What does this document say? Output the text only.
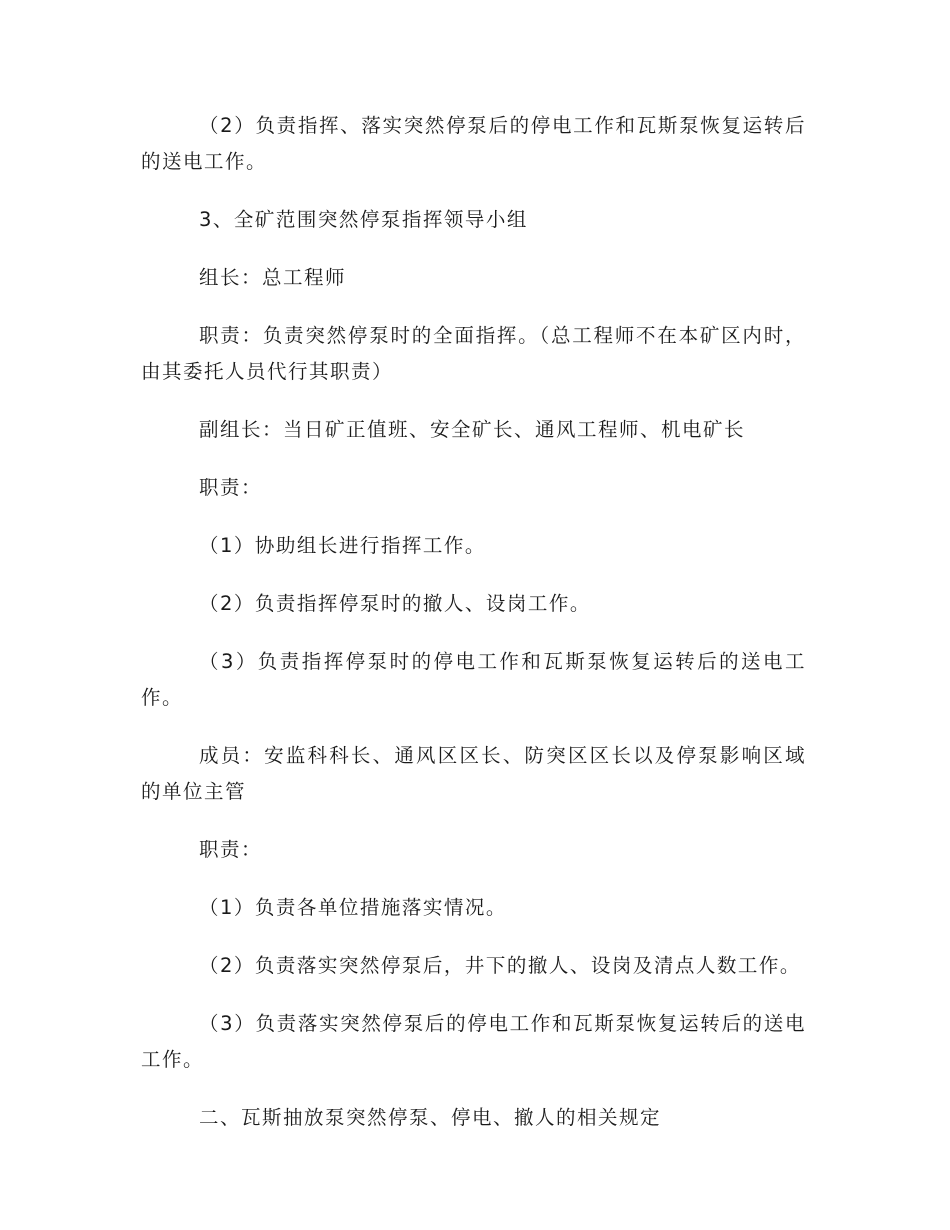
（2）负责指挥、落实突然停泵后的停电工作和瓦斯泵恢复运转后的送电工作。

3、全矿范围突然停泵指挥领导小组

组长：总工程师

职责：负责突然停泵时的全面指挥。（总工程师不在本矿区内时，由其委托人员代行其职责）

副组长：当日矿正值班、安全矿长、通风工程师、机电矿长

职责：

（1）协助组长进行指挥工作。

（2）负责指挥停泵时的撤人、设岗工作。

（3）负责指挥停泵时的停电工作和瓦斯泵恢复运转后的送电工作。

成员：安监科科长、通风区区长、防突区区长以及停泵影响区域的单位主管

职责：

（1）负责各单位措施落实情况。

（2）负责落实突然停泵后，井下的撤人、设岗及清点人数工作。

（3）负责落实突然停泵后的停电工作和瓦斯泵恢复运转后的送电工作。

二、瓦斯抽放泵突然停泵、停电、撤人的相关规定
